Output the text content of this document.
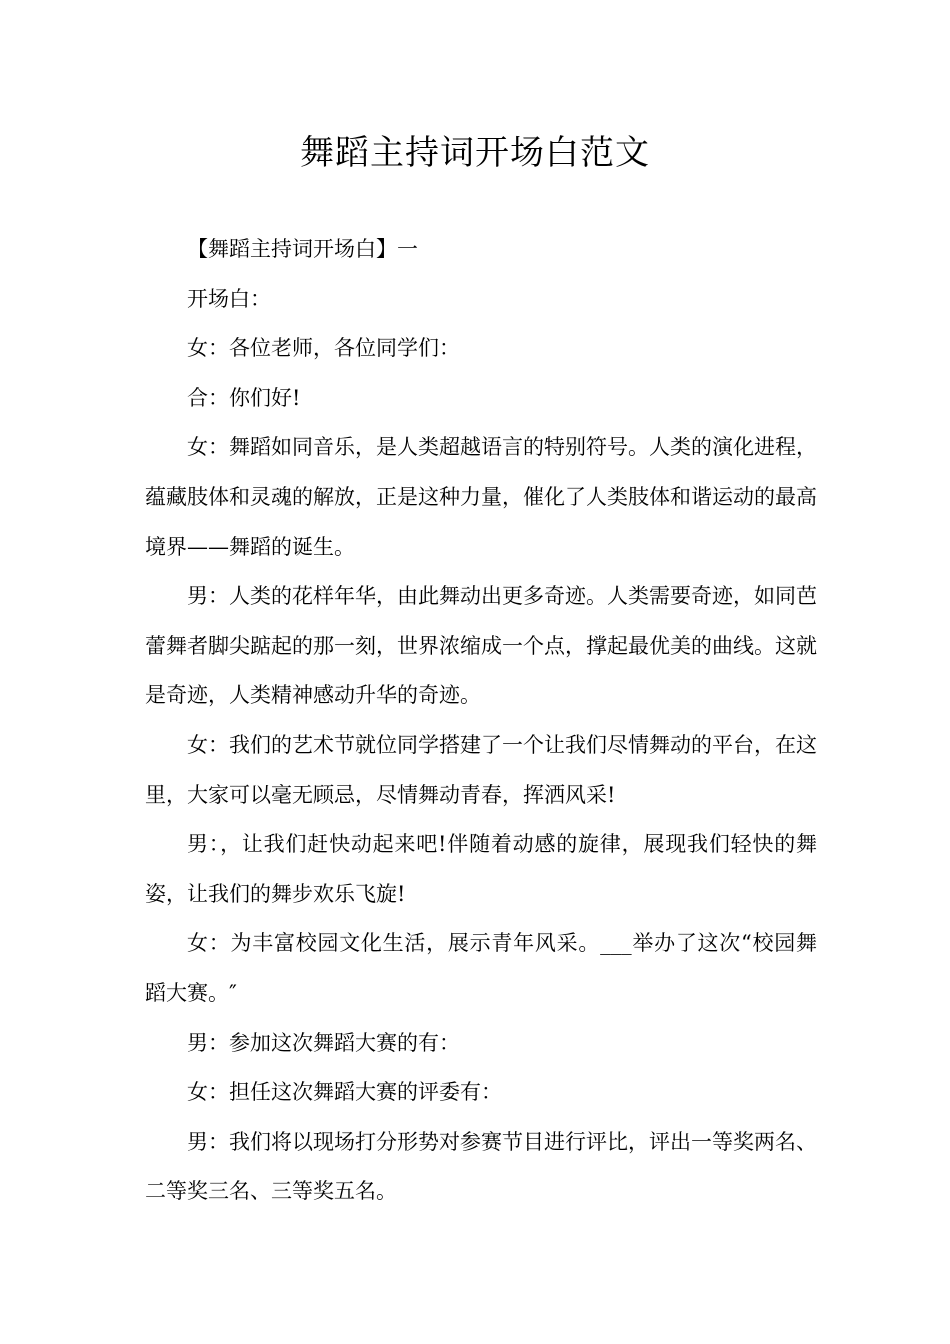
舞蹈主持词开场白范文

【舞蹈主持词开场白】一

开场白：

女：各位老师，各位同学们：

合：你们好!

女：舞蹈如同音乐，是人类超越语言的特别符号。人类的演化进程，蕴藏肢体和灵魂的解放，正是这种力量，催化了人类肢体和谐运动的最高境界——舞蹈的诞生。

男：人类的花样年华，由此舞动出更多奇迹。人类需要奇迹，如同芭蕾舞者脚尖踮起的那一刻，世界浓缩成一个点，撑起最优美的曲线。这就是奇迹，人类精神感动升华的奇迹。

女：我们的艺术节就位同学搭建了一个让我们尽情舞动的平台，在这里，大家可以毫无顾忌，尽情舞动青春，挥洒风采!

男：，让我们赶快动起来吧!伴随着动感的旋律，展现我们轻快的舞姿，让我们的舞步欢乐飞旋!

女：为丰富校园文化生活，展示青年风采。___举办了这次“校园舞蹈大赛。″

男：参加这次舞蹈大赛的有：

女：担任这次舞蹈大赛的评委有：

男：我们将以现场打分形势对参赛节目进行评比，评出一等奖两名、二等奖三名、三等奖五名。
